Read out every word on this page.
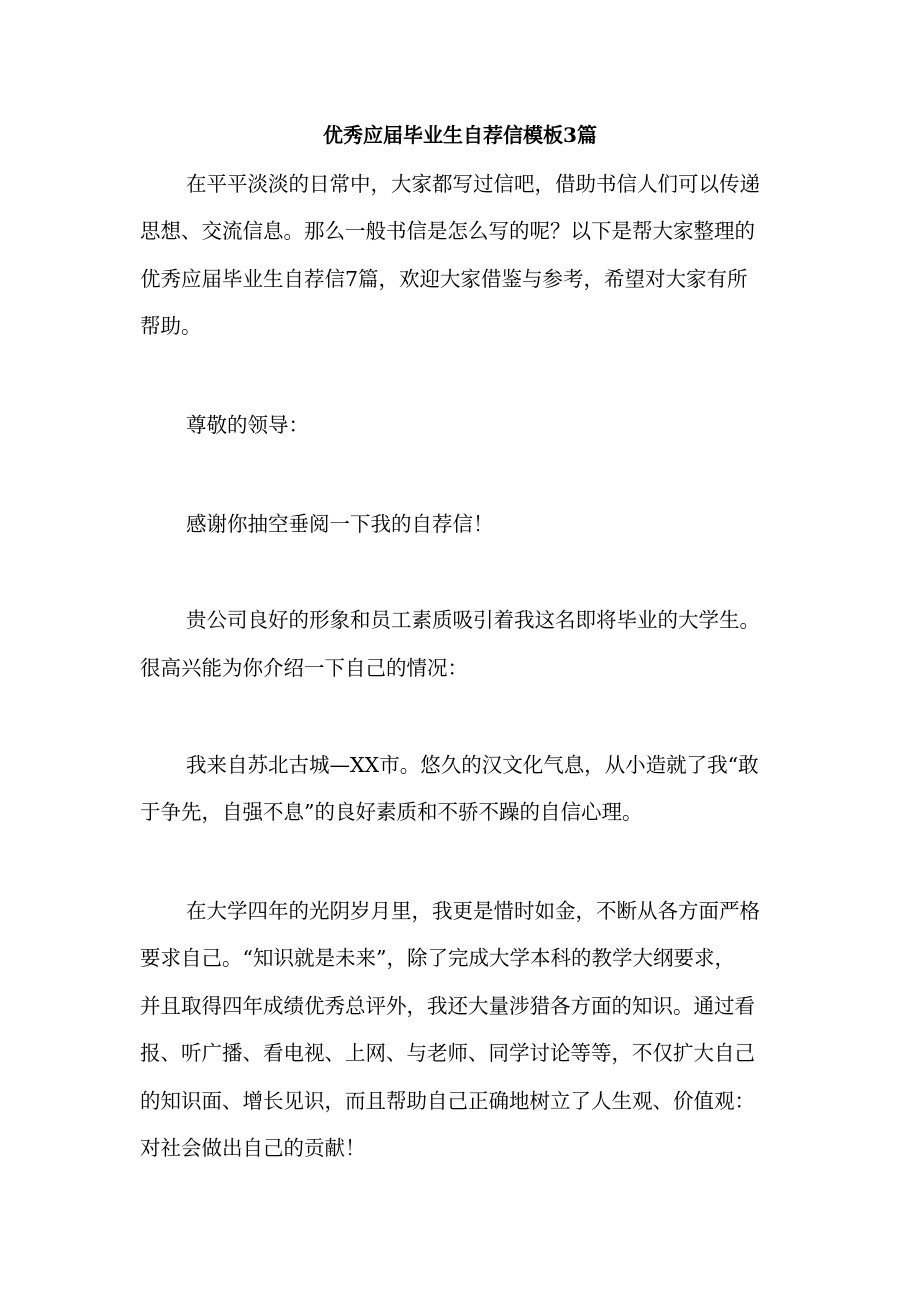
优秀应届毕业生自荐信模板3篇
在平平淡淡的日常中，大家都写过信吧，借助书信人们可以传递
思想、交流信息。那么一般书信是怎么写的呢？以下是帮大家整理的
优秀应届毕业生自荐信7篇，欢迎大家借鉴与参考，希望对大家有所
帮助。
尊敬的领导：
感谢你抽空垂阅一下我的自荐信！
贵公司良好的形象和员工素质吸引着我这名即将毕业的大学生。
很高兴能为你介绍一下自己的情况：
我来自苏北古城—XX市。悠久的汉文化气息，从小造就了我“敢
于争先，自强不息”的良好素质和不骄不躁的自信心理。
在大学四年的光阴岁月里，我更是惜时如金，不断从各方面严格
要求自己。“知识就是未来”，除了完成大学本科的教学大纲要求，
并且取得四年成绩优秀总评外，我还大量涉猎各方面的知识。通过看
报、听广播、看电视、上网、与老师、同学讨论等等，不仅扩大自己
的知识面、增长见识，而且帮助自己正确地树立了人生观、价值观：
对社会做出自己的贡献！
